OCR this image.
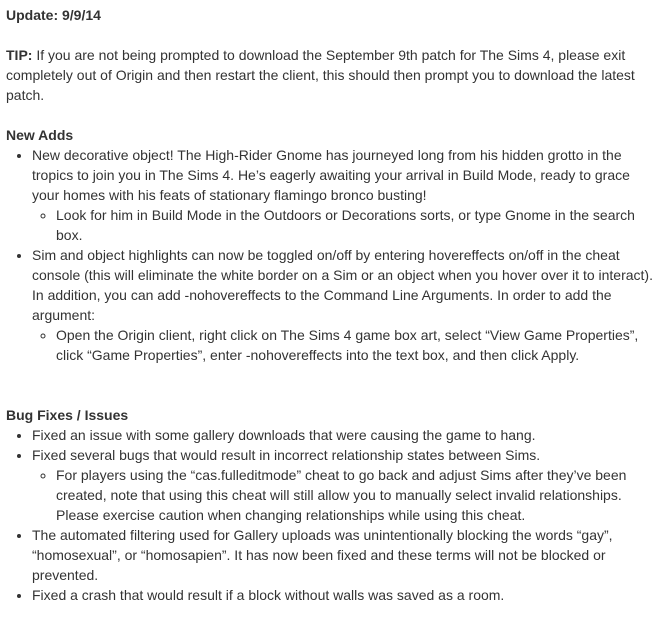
Update: 9/9/14

TIP: If you are not being prompted to download the September 9th patch for The Sims 4, please exit completely out of Origin and then restart the client, this should then prompt you to download the latest patch.

New Adds

• New decorative object! The High-Rider Gnome has journeyed long from his hidden grotto in the tropics to join you in The Sims 4. He’s eagerly awaiting your arrival in Build Mode, ready to grace your homes with his feats of stationary flamingo bronco busting!
◦ Look for him in Build Mode in the Outdoors or Decorations sorts, or type Gnome in the search box.
• Sim and object highlights can now be toggled on/off by entering hovereffects on/off in the cheat console (this will eliminate the white border on a Sim or an object when you hover over it to interact). In addition, you can add -nohovereffects to the Command Line Arguments. In order to add the argument:
◦ Open the Origin client, right click on The Sims 4 game box art, select “View Game Properties”, click “Game Properties”, enter -nohovereffects into the text box, and then click Apply.

Bug Fixes / Issues

• Fixed an issue with some gallery downloads that were causing the game to hang.
• Fixed several bugs that would result in incorrect relationship states between Sims.
◦ For players using the “cas.fulleditmode” cheat to go back and adjust Sims after they’ve been created, note that using this cheat will still allow you to manually select invalid relationships. Please exercise caution when changing relationships while using this cheat.
• The automated filtering used for Gallery uploads was unintentionally blocking the words “gay”, “homosexual”, or “homosapien”. It has now been fixed and these terms will not be blocked or prevented.
• Fixed a crash that would result if a block without walls was saved as a room.
